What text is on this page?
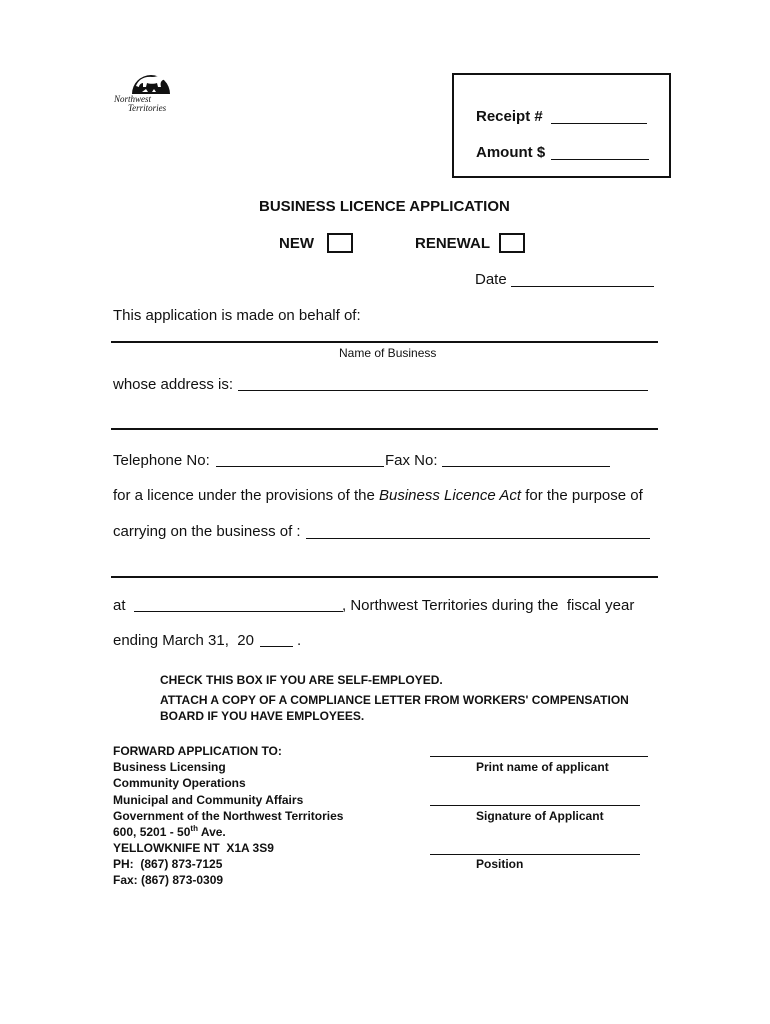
Northwest
Territories	Receipt #
Amount $
BUSINESS LICENCE APPLICATION
NEW	RENEWAL
Date
This application is made on behalf of:
Name of Business
whose address is:
Telephone No:	Fax No:
for a licence under the provisions of the Business Licence Act for the purpose of
carrying on the business of :
at	, Northwest Territories during the  fiscal year
ending March 31,  20	.
CHECK THIS BOX IF YOU ARE SELF-EMPLOYED.
ATTACH A COPY OF A COMPLIANCE LETTER FROM WORKERS' COMPENSATION
BOARD IF YOU HAVE EMPLOYEES.
FORWARD APPLICATION TO:
Business Licensing
Community Operations
Municipal and Community Affairs
Government of the Northwest Territories
600, 5201 - 50th Ave.
YELLOWKNIFE NT  X1A 3S9
PH:  (867) 873-7125
Fax: (867) 873-0309
Print name of applicant
Signature of Applicant
Position
